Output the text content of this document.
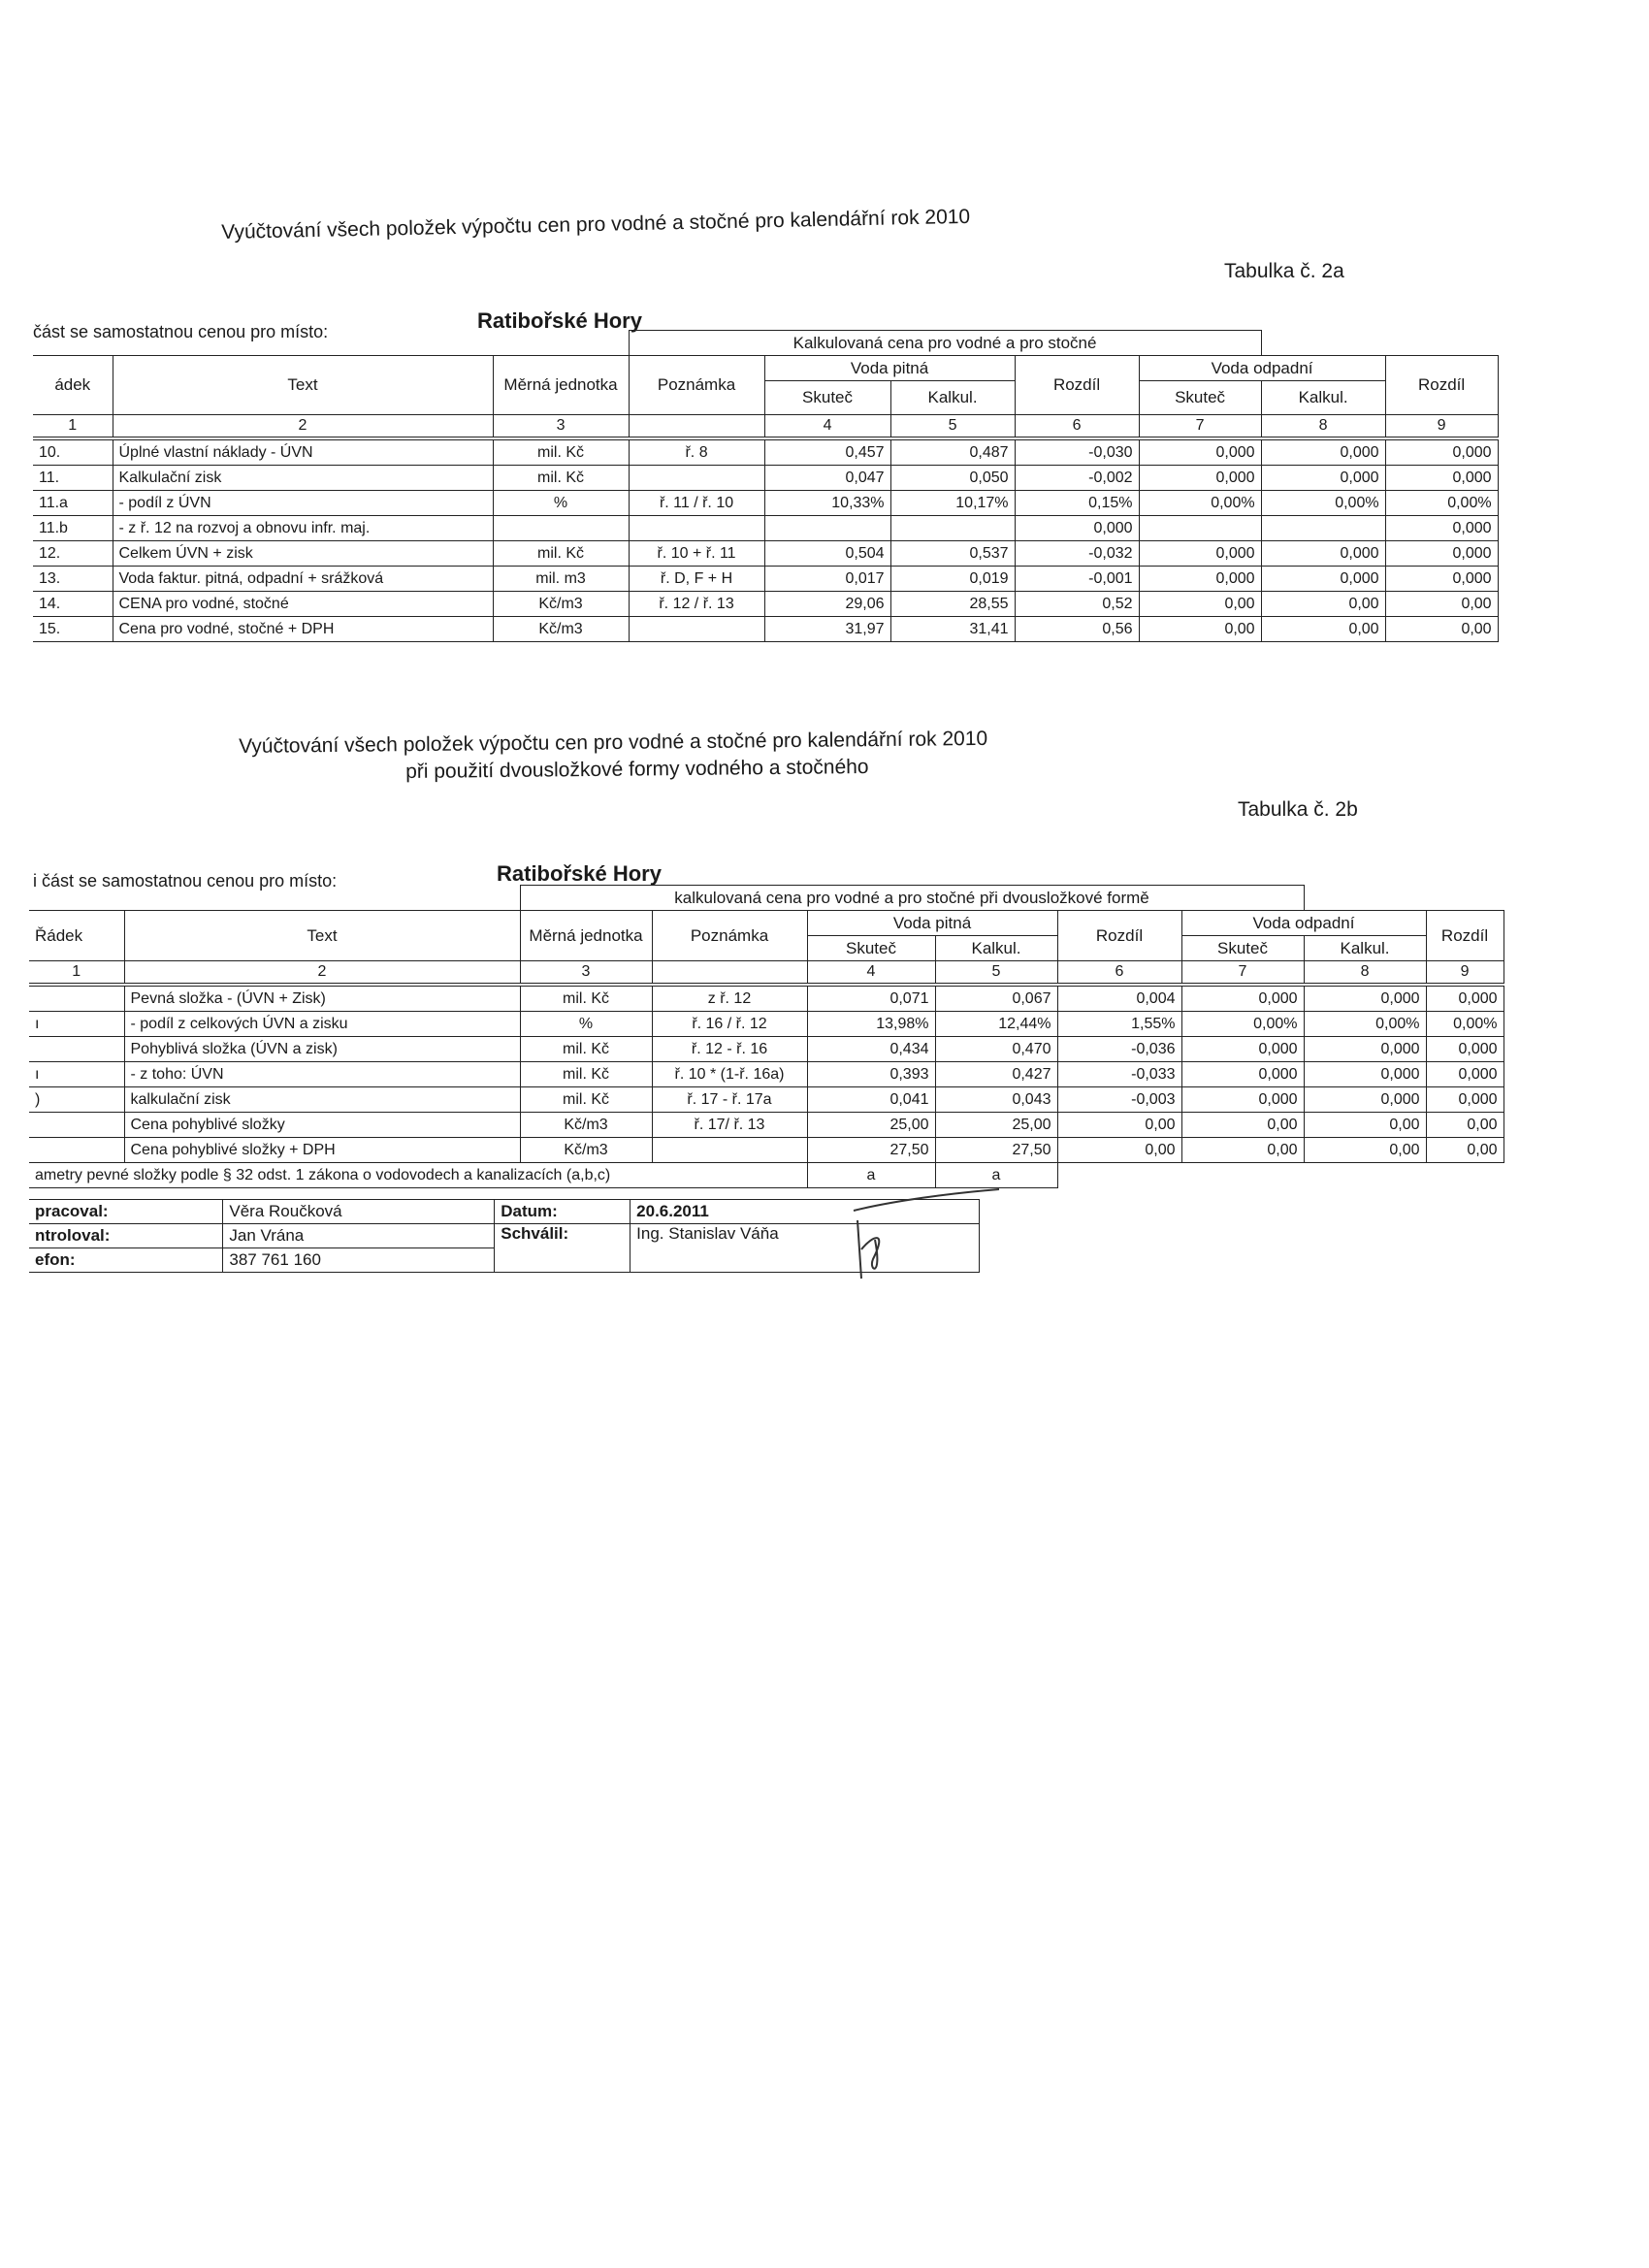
Vyúčtování všech položek výpočtu cen pro vodné a stočné pro kalendářní rok 2010
Tabulka č. 2a
část se samostatnou cenou pro místo:	Ratibořské Hory
			Kalkulovaná cena pro vodné a pro stočné						
ádek	Text	Měrná jednotka	Poznámka	Voda pitná		Rozdíl	Voda odpadní		Rozdíl
				Skuteč	Kalkul.		Skuteč	Kalkul.	
1	2	3		4	5	6	7	8	9
10.	Úplné vlastní náklady - ÚVN	mil. Kč	ř. 8	0,457	0,487	-0,030	0,000	0,000	0,000
11.	Kalkulační zisk	mil. Kč		0,047	0,050	-0,002	0,000	0,000	0,000
11.a	- podíl z ÚVN	%	ř. 11 / ř. 10	10,33%	10,17%	0,15%	0,00%	0,00%	0,00%
11.b	- z ř. 12 na rozvoj a obnovu infr. maj.					0,000			0,000
12.	Celkem ÚVN + zisk	mil. Kč	ř. 10 + ř. 11	0,504	0,537	-0,032	0,000	0,000	0,000
13.	Voda faktur. pitná, odpadní + srážková	mil. m3	ř. D, F + H	0,017	0,019	-0,001	0,000	0,000	0,000
14.	CENA pro vodné, stočné	Kč/m3	ř. 12 / ř. 13	29,06	28,55	0,52	0,00	0,00	0,00
15.	Cena pro vodné, stočné + DPH	Kč/m3		31,97	31,41	0,56	0,00	0,00	0,00
Vyúčtování všech položek výpočtu cen pro vodné a stočné pro kalendářní rok 2010
při použití dvousložkové formy vodného a stočného
Tabulka č. 2b
i část se samostatnou cenou pro místo:	Ratibořské Hory
		kalkulovaná cena pro vodné a pro stočné při dvousložkové formě							
Řádek	Text	Měrná jednotka	Poznámka	Voda pitná		Rozdíl	Voda odpadní		Rozdíl
				Skuteč	Kalkul.		Skuteč	Kalkul.	
1	2	3		4	5	6	7	8	9
	Pevná složka - (ÚVN + Zisk)	mil. Kč	z ř. 12	0,071	0,067	0,004	0,000	0,000	0,000
ı	- podíl z celkových ÚVN a zisku	%	ř. 16 / ř. 12	13,98%	12,44%	1,55%	0,00%	0,00%	0,00%
	Pohyblivá složka (ÚVN a zisk)	mil. Kč	ř. 12 - ř. 16	0,434	0,470	-0,036	0,000	0,000	0,000
ı	- z toho: ÚVN	mil. Kč	ř. 10 * (1-ř. 16a)	0,393	0,427	-0,033	0,000	0,000	0,000
)	kalkulační zisk	mil. Kč	ř. 17 - ř. 17a	0,041	0,043	-0,003	0,000	0,000	0,000
	Cena pohyblivé složky	Kč/m3	ř. 17/ ř. 13	25,00	25,00	0,00	0,00	0,00	0,00
	Cena pohyblivé složky + DPH	Kč/m3		27,50	27,50	0,00	0,00	0,00	0,00
ametry pevné složky podle § 32 odst. 1 zákona o vodovodech a kanalizacích (a,b,c)				a	a				
pracoval:	Věra Roučková	Datum:	20.6.2011
ntroloval:	Jan Vrána	Schválil:	Ing. Stanislav Váňa
efon:	387 761 160		
